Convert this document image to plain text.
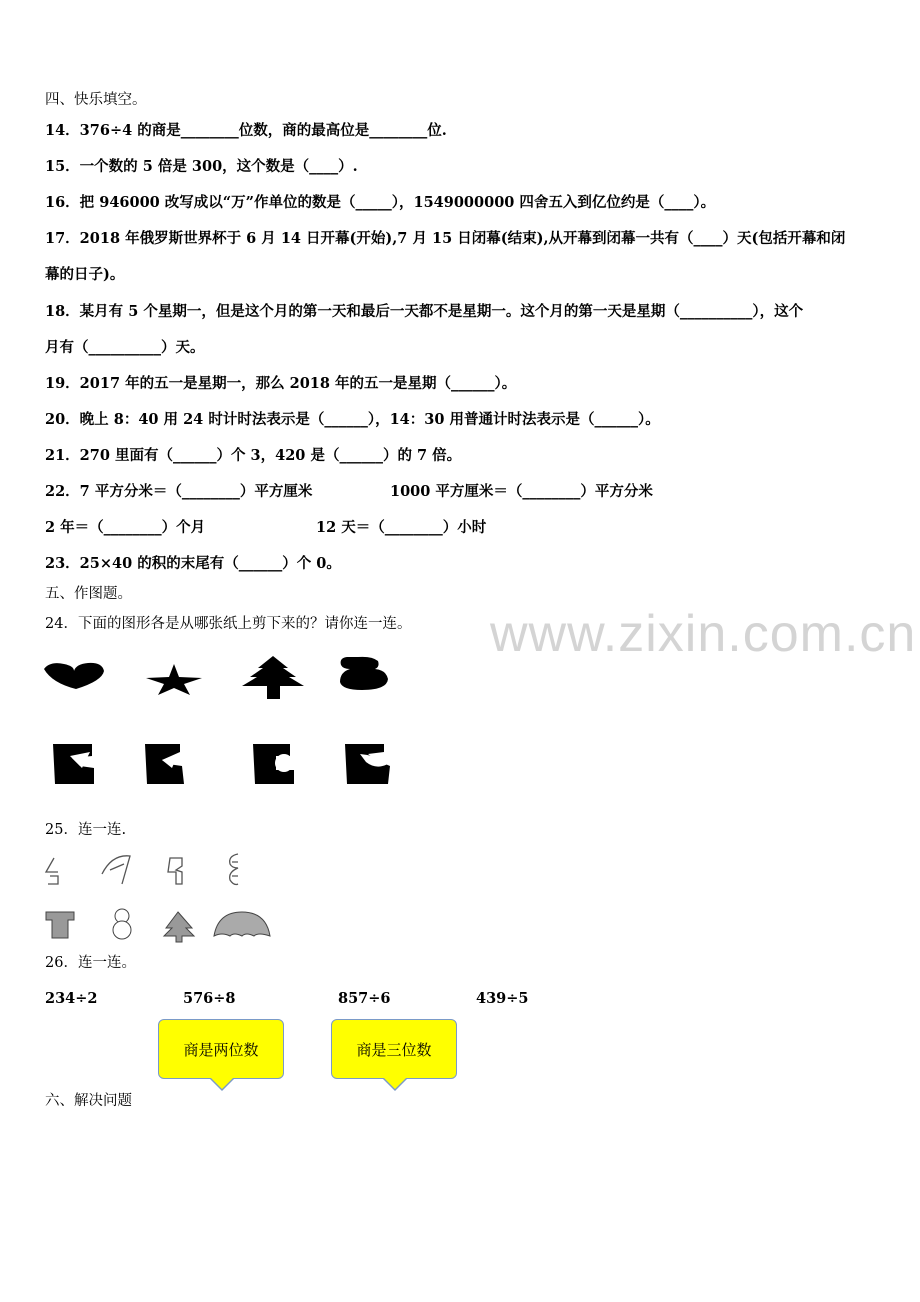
四、快乐填空。
14．376÷4 的商是________位数，商的最高位是________位.
15．一个数的 5 倍是 300，这个数是（____）.
16．把 946000 改写成以“万”作单位的数是（_____），1549000000 四舍五入到亿位约是（____）。
17．2018 年俄罗斯世界杯于 6 月 14 日开幕(开始),7 月 15 日闭幕(结束),从开幕到闭幕一共有（____）天(包括开幕和闭
幕的日子)。
18．某月有 5 个星期一，但是这个月的第一天和最后一天都不是星期一。这个月的第一天是星期（__________），这个
月有（__________）天。
19．2017 年的五一是星期一，那么 2018 年的五一是星期（______）。
20．晚上 8：40 用 24 时计时法表示是（______），14：30 用普通计时法表示是（______）。
21．270 里面有（______）个 3，420 是（______）的 7 倍。
22．7 平方分米＝（________）平方厘米	1000 平方厘米＝（________）平方分米
2 年＝（________）个月	12 天＝（________）小时
23．25×40 的积的末尾有（______）个 0。
五、作图题。
24．下面的图形各是从哪张纸上剪下来的？请你连一连。 www.zixin.com.cn
25．连一连.
26．连一连。
234÷2	576÷8	857÷6	439÷5
商是两位数	商是三位数
六、解决问题
